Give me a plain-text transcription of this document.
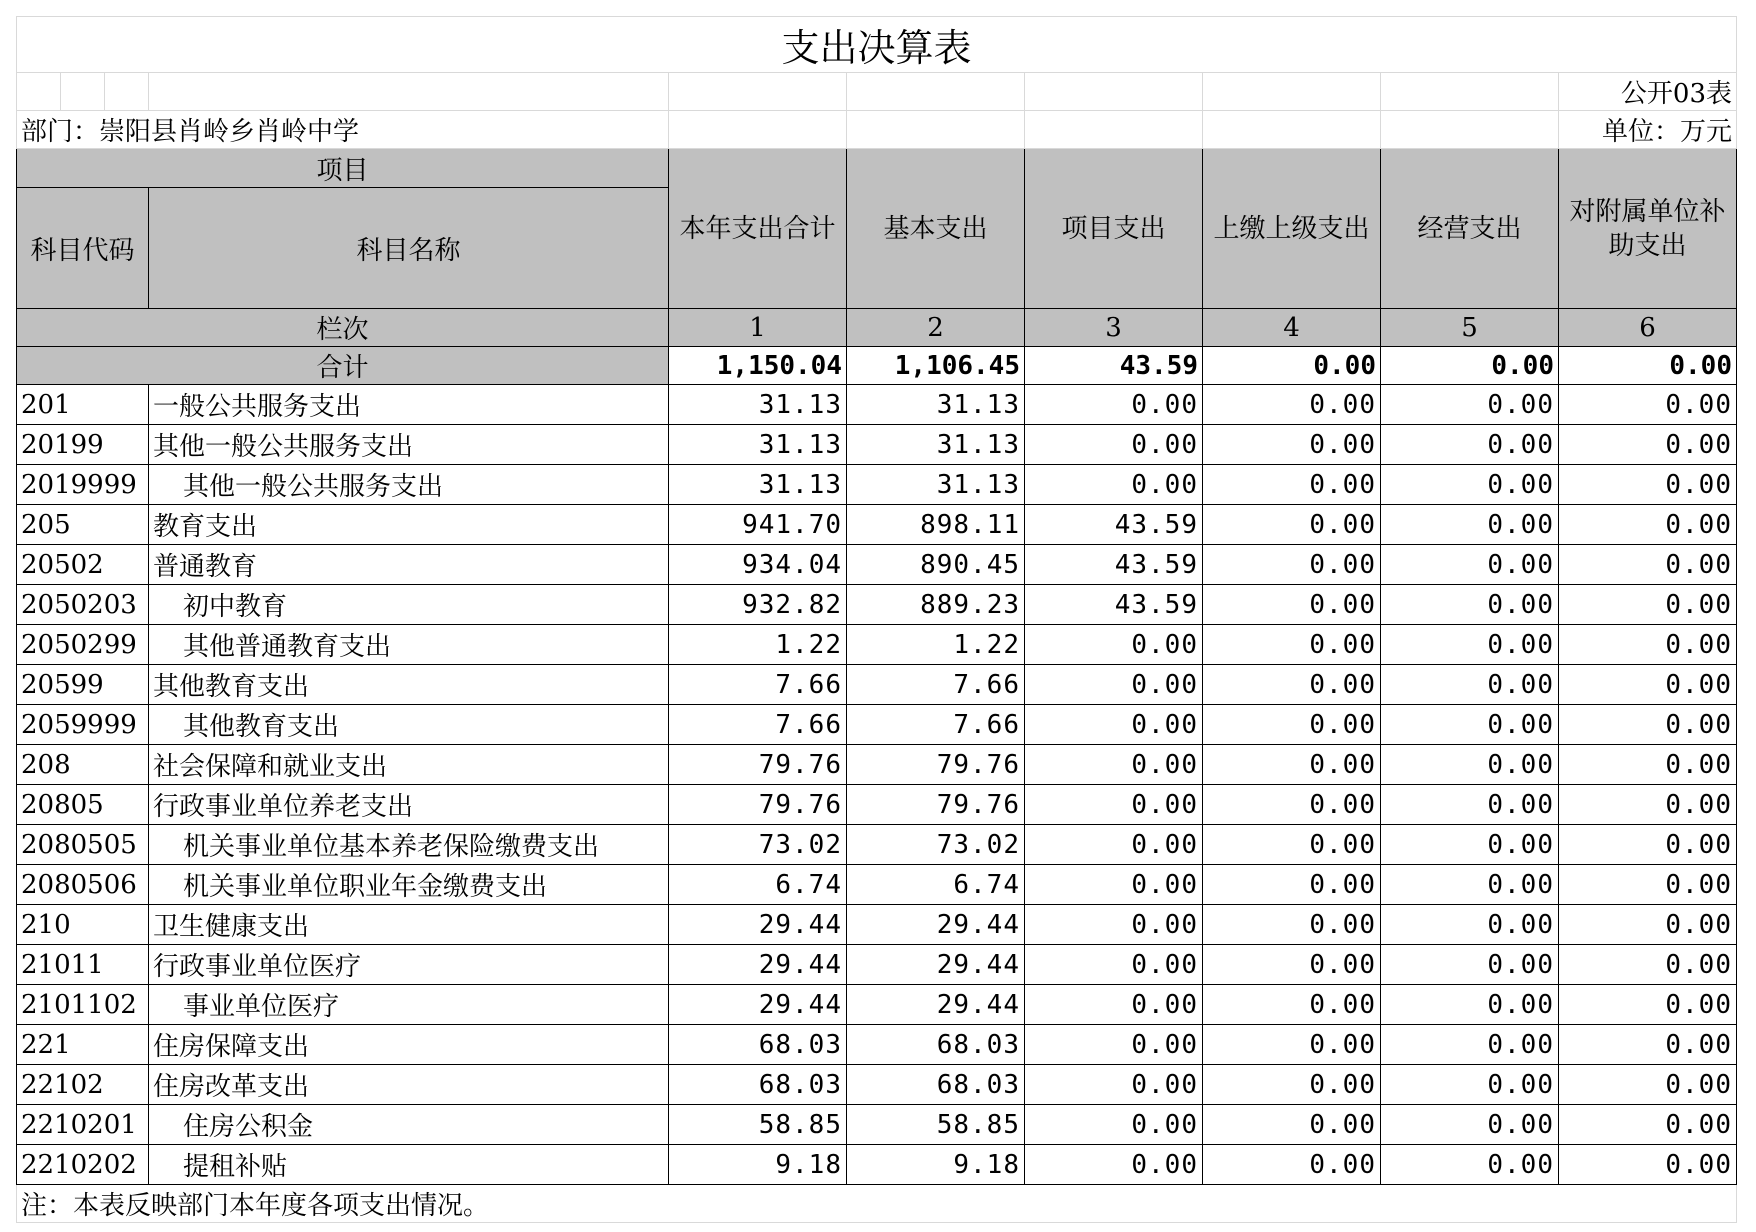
支出决算表									
									公开03表
部门：崇阳县肖岭乡肖岭中学									单位：万元
项目				本年支出合计	基本支出	项目支出	上缴上级支出	经营支出	对附属单位补助支出
科目代码			科目名称						
栏次				1	2	3	4	5	6
合计				1,150.04	1,106.45	43.59	0.00	0.00	0.00
201			一般公共服务支出	31.13	31.13	0.00	0.00	0.00	0.00
20199			其他一般公共服务支出	31.13	31.13	0.00	0.00	0.00	0.00
2019999			其他一般公共服务支出	31.13	31.13	0.00	0.00	0.00	0.00
205			教育支出	941.70	898.11	43.59	0.00	0.00	0.00
20502			普通教育	934.04	890.45	43.59	0.00	0.00	0.00
2050203			初中教育	932.82	889.23	43.59	0.00	0.00	0.00
2050299			其他普通教育支出	1.22	1.22	0.00	0.00	0.00	0.00
20599			其他教育支出	7.66	7.66	0.00	0.00	0.00	0.00
2059999			其他教育支出	7.66	7.66	0.00	0.00	0.00	0.00
208			社会保障和就业支出	79.76	79.76	0.00	0.00	0.00	0.00
20805			行政事业单位养老支出	79.76	79.76	0.00	0.00	0.00	0.00
2080505			机关事业单位基本养老保险缴费支出	73.02	73.02	0.00	0.00	0.00	0.00
2080506			机关事业单位职业年金缴费支出	6.74	6.74	0.00	0.00	0.00	0.00
210			卫生健康支出	29.44	29.44	0.00	0.00	0.00	0.00
21011			行政事业单位医疗	29.44	29.44	0.00	0.00	0.00	0.00
2101102			事业单位医疗	29.44	29.44	0.00	0.00	0.00	0.00
221			住房保障支出	68.03	68.03	0.00	0.00	0.00	0.00
22102			住房改革支出	68.03	68.03	0.00	0.00	0.00	0.00
2210201			住房公积金	58.85	58.85	0.00	0.00	0.00	0.00
2210202			提租补贴	9.18	9.18	0.00	0.00	0.00	0.00
注：本表反映部门本年度各项支出情况。									
